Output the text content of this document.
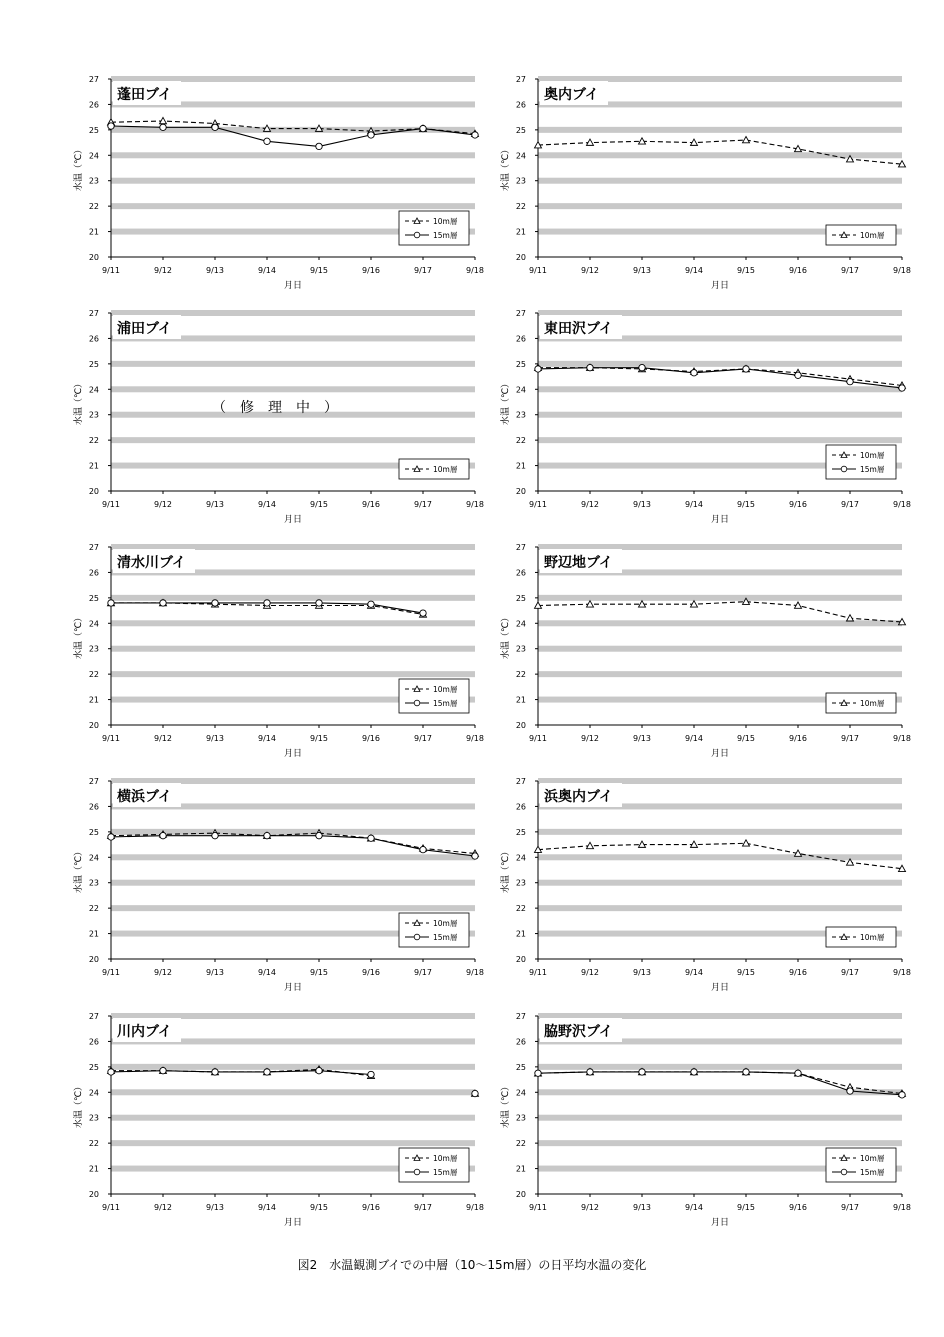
20
21
22
23
24
25
26
27
9/11	9/12	9/13	9/14	9/15	9/16	9/17	9/18
月日
水温（℃）
蓬田ブイ
10m層
15m層
20
21
22
23
24
25
26
27
9/11	9/12	9/13	9/14	9/15	9/16	9/17	9/18
月日
水温（℃）
奥内ブイ
10m層
20
21
22
23
24
25
26
27
9/11	9/12	9/13	9/14	9/15	9/16	9/17	9/18
月日
水温（℃）
浦田ブイ
（　修　理　中　）
10m層
20
21
22
23
24
25
26
27
9/11	9/12	9/13	9/14	9/15	9/16	9/17	9/18
月日
水温（℃）
東田沢ブイ
10m層
15m層
20
21
22
23
24
25
26
27
9/11	9/12	9/13	9/14	9/15	9/16	9/17	9/18
月日
水温（℃）
清水川ブイ
10m層
15m層
20
21
22
23
24
25
26
27
9/11	9/12	9/13	9/14	9/15	9/16	9/17	9/18
月日
水温（℃）
野辺地ブイ
10m層
20
21
22
23
24
25
26
27
9/11	9/12	9/13	9/14	9/15	9/16	9/17	9/18
月日
水温（℃）
横浜ブイ
10m層
15m層
20
21
22
23
24
25
26
27
9/11	9/12	9/13	9/14	9/15	9/16	9/17	9/18
月日
水温（℃）
浜奥内ブイ
10m層
20
21
22
23
24
25
26
27
9/11	9/12	9/13	9/14	9/15	9/16	9/17	9/18
月日
水温（℃）
川内ブイ
10m層
15m層
20
21
22
23
24
25
26
27
9/11	9/12	9/13	9/14	9/15	9/16	9/17	9/18
月日
水温（℃）
脇野沢ブイ
10m層
15m層
図2　水温観測ブイでの中層（10～15m層）の日平均水温の変化
